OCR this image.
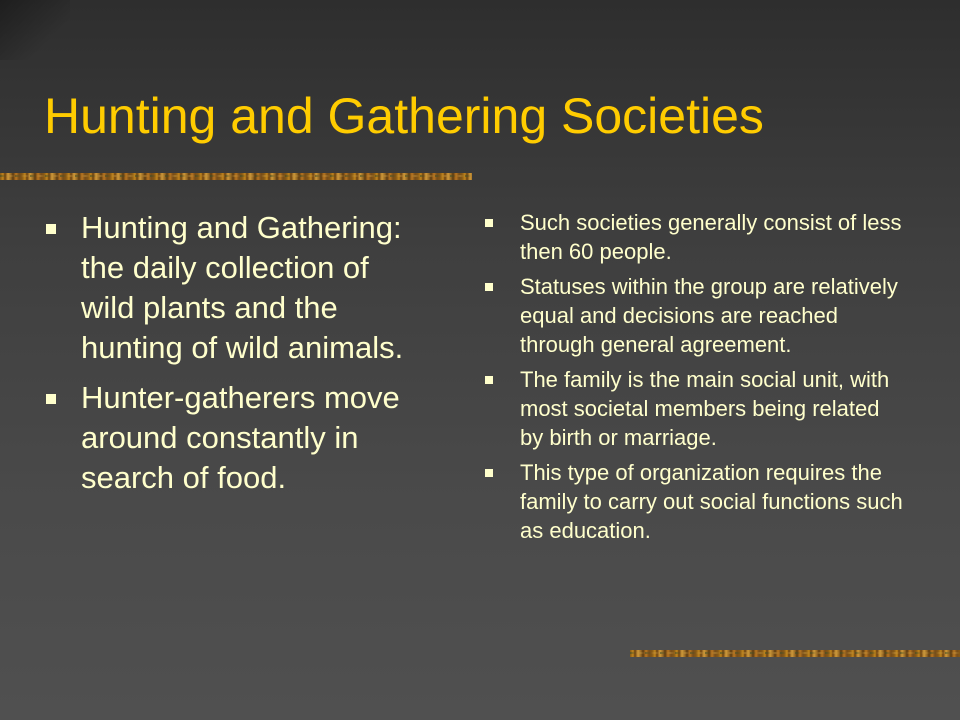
Hunting and Gathering Societies
Hunting and Gathering: the daily collection of wild plants and the hunting of wild animals.
Hunter-gatherers move around constantly in search of food.
Such societies generally consist of less then 60 people.
Statuses within the group are relatively equal and decisions are reached through general agreement.
The family is the main social unit, with most societal members being related by birth or marriage.
This type of organization requires the family to carry out social functions such as education.
